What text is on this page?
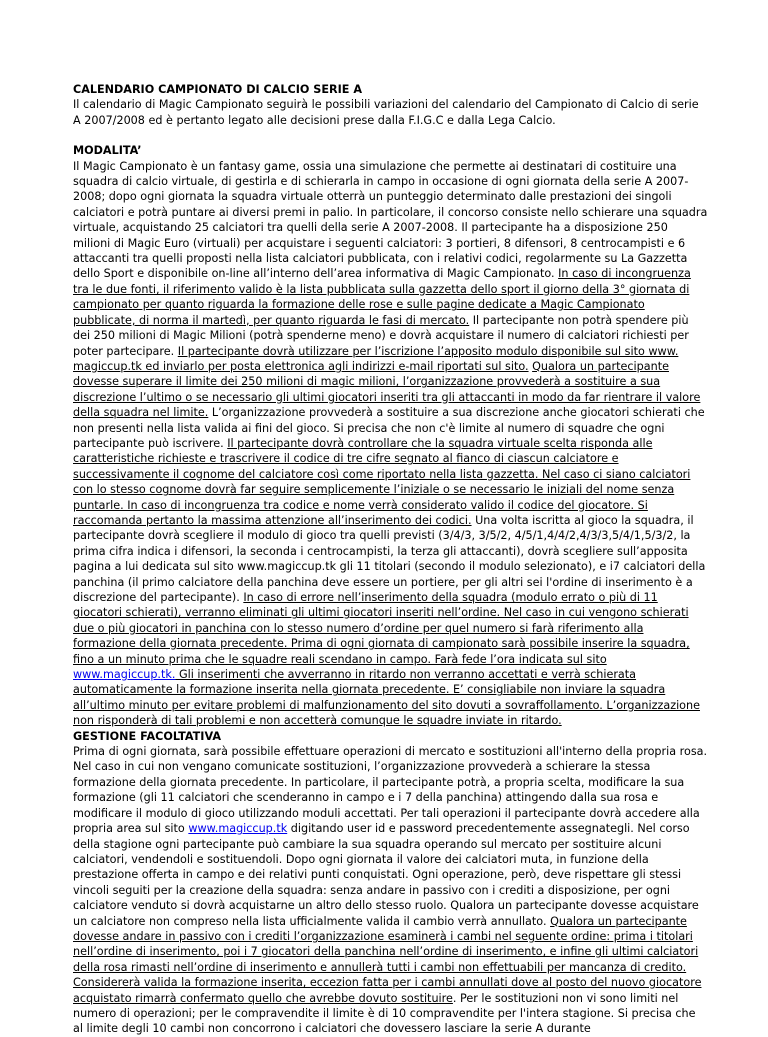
CALENDARIO CAMPIONATO DI CALCIO SERIE A

Il calendario di Magic Campionato seguirà le possibili variazioni del calendario del Campionato di Calcio di serie A 2007/2008 ed è pertanto legato alle decisioni prese dalla F.I.G.C e dalla Lega Calcio.

MODALITA’

Il Magic Campionato è un fantasy game, ossia una simulazione che permette ai destinatari di costituire una squadra di calcio virtuale, di gestirla e di schierarla in campo in occasione di ogni giornata della serie A 2007-2008; dopo ogni giornata la squadra virtuale otterrà un punteggio determinato dalle prestazioni dei singoli calciatori e potrà puntare ai diversi premi in palio. In particolare, il concorso consiste nello schierare una squadra virtuale, acquistando 25 calciatori tra quelli della serie A 2007-2008. Il partecipante ha a disposizione 250 milioni di Magic Euro (virtuali) per acquistare i seguenti calciatori: 3 portieri, 8 difensori, 8 centrocampisti e 6 attaccanti tra quelli proposti nella lista calciatori pubblicata, con i relativi codici, regolarmente su La Gazzetta dello Sport e disponibile on-line all’interno dell’area informativa di Magic Campionato. In caso di incongruenza tra le due fonti, il riferimento valido è la lista pubblicata sulla gazzetta dello sport il giorno della 3° giornata di campionato per quanto riguarda la formazione delle rose e sulle pagine dedicate a Magic Campionato pubblicate, di norma il martedì, per quanto riguarda le fasi di mercato. Il partecipante non potrà spendere più dei 250 milioni di Magic Milioni (potrà spenderne meno) e dovrà acquistare il numero di calciatori richiesti per poter partecipare. Il partecipante dovrà utilizzare per l’iscrizione l’apposito modulo disponibile sul sito www. magiccup.tk ed inviarlo per posta elettronica agli indirizzi e-mail riportati sul sito. Qualora un partecipante dovesse superare il limite dei 250 milioni di magic milioni, l’organizzazione provvederà a sostituire a sua discrezione l’ultimo o se necessario gli ultimi giocatori inseriti tra gli attaccanti in modo da far rientrare il valore della squadra nel limite. L’organizzazione provvederà a sostituire a sua discrezione anche giocatori schierati che non presenti nella lista valida ai fini del gioco. Si precisa che non c'è limite al numero di squadre che ogni partecipante può iscrivere. Il partecipante dovrà controllare che la squadra virtuale scelta risponda alle caratteristiche richieste e trascrivere il codice di tre cifre segnato al fianco di ciascun calciatore e successivamente il cognome del calciatore così come riportato nella lista gazzetta. Nel caso ci siano calciatori con lo stesso cognome dovrà far seguire semplicemente l’iniziale o se necessario le iniziali del nome senza puntarle. In caso di incongruenza tra codice e nome verrà considerato valido il codice del giocatore. Si raccomanda pertanto la massima attenzione all’inserimento dei codici. Una volta iscritta al gioco la squadra, il partecipante dovrà scegliere il modulo di gioco tra quelli previsti (3/4/3, 3/5/2, 4/5/1,4/4/2,4/3/3,5/4/1,5/3/2, la prima cifra indica i difensori, la seconda i centrocampisti, la terza gli attaccanti), dovrà scegliere sull’apposita pagina a lui dedicata sul sito www.magiccup.tk gli 11 titolari (secondo il modulo selezionato), e i7 calciatori della panchina (il primo calciatore della panchina deve essere un portiere, per gli altri sei l'ordine di inserimento è a discrezione del partecipante). In caso di errore nell’inserimento della squadra (modulo errato o più di 11 giocatori schierati), verranno eliminati gli ultimi giocatori inseriti nell’ordine. Nel caso in cui vengono schierati due o più giocatori in panchina con lo stesso numero d’ordine per quel numero si farà riferimento alla formazione della giornata precedente. Prima di ogni giornata di campionato sarà possibile inserire la squadra, fino a un minuto prima che le squadre reali scendano in campo. Farà fede l’ora indicata sul sito www.magiccup.tk. Gli inserimenti che avverranno in ritardo non verranno accettati e verrà schierata automaticamente la formazione inserita nella giornata precedente. E’ consigliabile non inviare la squadra all’ultimo minuto per evitare problemi di malfunzionamento del sito dovuti a sovraffollamento. L’organizzazione non risponderà di tali problemi e non accetterà comunque le squadre inviate in ritardo.

GESTIONE FACOLTATIVA

Prima di ogni giornata, sarà possibile effettuare operazioni di mercato e sostituzioni all'interno della propria rosa. Nel caso in cui non vengano comunicate sostituzioni, l’organizzazione provvederà a schierare la stessa formazione della giornata precedente. In particolare, il partecipante potrà, a propria scelta, modificare la sua formazione (gli 11 calciatori che scenderanno in campo e i 7 della panchina) attingendo dalla sua rosa e modificare il modulo di gioco utilizzando moduli accettati. Per tali operazioni il partecipante dovrà accedere alla propria area sul sito www.magiccup.tk digitando user id e password precedentemente assegnategli. Nel corso della stagione ogni partecipante può cambiare la sua squadra operando sul mercato per sostituire alcuni calciatori, vendendoli e sostituendoli. Dopo ogni giornata il valore dei calciatori muta, in funzione della prestazione offerta in campo e dei relativi punti conquistati. Ogni operazione, però, deve rispettare gli stessi vincoli seguiti per la creazione della squadra: senza andare in passivo con i crediti a disposizione, per ogni calciatore venduto si dovrà acquistarne un altro dello stesso ruolo. Qualora un partecipante dovesse acquistare un calciatore non compreso nella lista ufficialmente valida il cambio verrà annullato. Qualora un partecipante dovesse andare in passivo con i crediti l’organizzazione esaminerà i cambi nel seguente ordine: prima i titolari nell’ordine di inserimento, poi i 7 giocatori della panchina nell’ordine di inserimento, e infine gli ultimi calciatori della rosa rimasti nell’ordine di inserimento e annullerà tutti i cambi non effettuabili per mancanza di credito. Considererà valida la formazione inserita, eccezion fatta per i cambi annullati dove al posto del nuovo giocatore acquistato rimarrà confermato quello che avrebbe dovuto sostituire. Per le sostituzioni non vi sono limiti nel numero di operazioni; per le compravendite il limite è di 10 compravendite per l'intera stagione. Si precisa che al limite degli 10 cambi non concorrono i calciatori che dovessero lasciare la serie A durante
